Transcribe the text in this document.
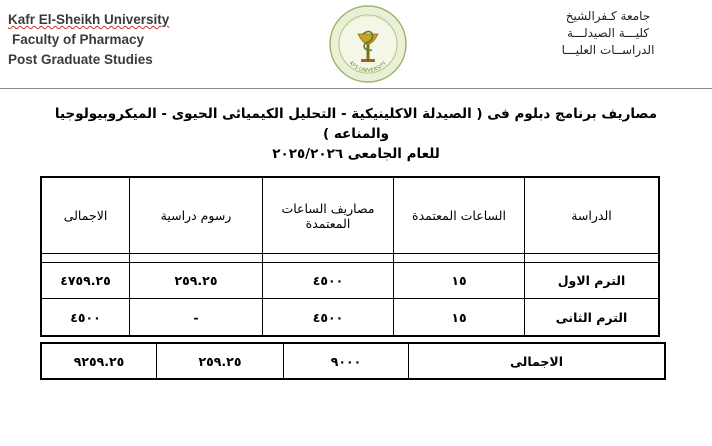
Kafr El-Sheikh University
Faculty of Pharmacy
Post Graduate Studies	KFS UNIVERSITY
· · · · · · · · · · · · · ·
جامعة كـفرالشيخ
كليـــة الصيدلـــة
الدراســات العليـــا
مصاريف برنامج دبلوم فى ( الصيدلة الاكلينيكية - التحليل الكيميائى الحيوى - الميكروبيولوجيا والمناعه )
للعام الجامعى ٢٠٢٥/٢٠٢٦
الدراسة	الساعات المعتمدة	مصاريف الساعات المعتمدة	رسوم دراسية	الاجمالى

الترم الاول	١٥	٤٥٠٠	٢٥٩.٢٥	٤٧٥٩.٢٥
الترم الثانى	١٥	٤٥٠٠	-	٤٥٠٠
الاجمالى	٩٠٠٠	٢٥٩.٢٥	٩٢٥٩.٢٥
